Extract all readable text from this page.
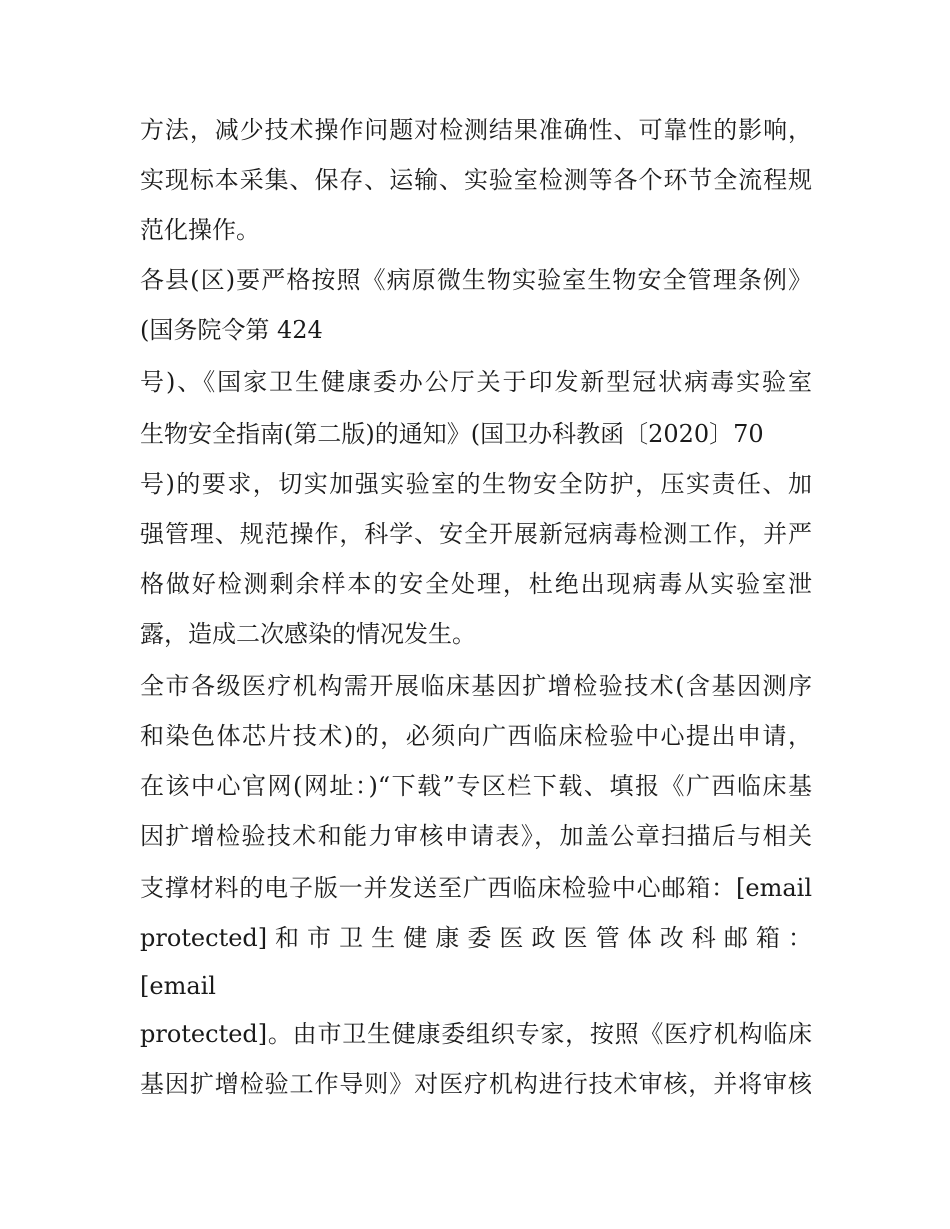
方法，减少技术操作问题对检测结果准确性、可靠性的影响，

实现标本采集、保存、运输、实验室检测等各个环节全流程规

范化操作。

各县(区)要严格按照《病原微生物实验室生物安全管理条例》

(国务院令第 424

号)、《国家卫生健康委办公厅关于印发新型冠状病毒实验室

生物安全指南(第二版)的通知》(国卫办科教函〔2020〕70

号)的要求，切实加强实验室的生物安全防护，压实责任、加

强管理、规范操作，科学、安全开展新冠病毒检测工作，并严

格做好检测剩余样本的安全处理，杜绝出现病毒从实验室泄

露，造成二次感染的情况发生。

全市各级医疗机构需开展临床基因扩增检验技术(含基因测序

和染色体芯片技术)的，必须向广西临床检验中心提出申请，

在该中心官网(网址：)“下载”专区栏下载、填报《广西临床基

因扩增检验技术和能力审核申请表》，加盖公章扫描后与相关

支撑材料的电子版一并发送至广西临床检验中心邮箱：[email

protected] 和 市 卫 生 健 康 委 医 政 医 管 体 改 科 邮 箱 ：

[email

protected]。由市卫生健康委组织专家，按照《医疗机构临床

基因扩增检验工作导则》对医疗机构进行技术审核，并将审核
